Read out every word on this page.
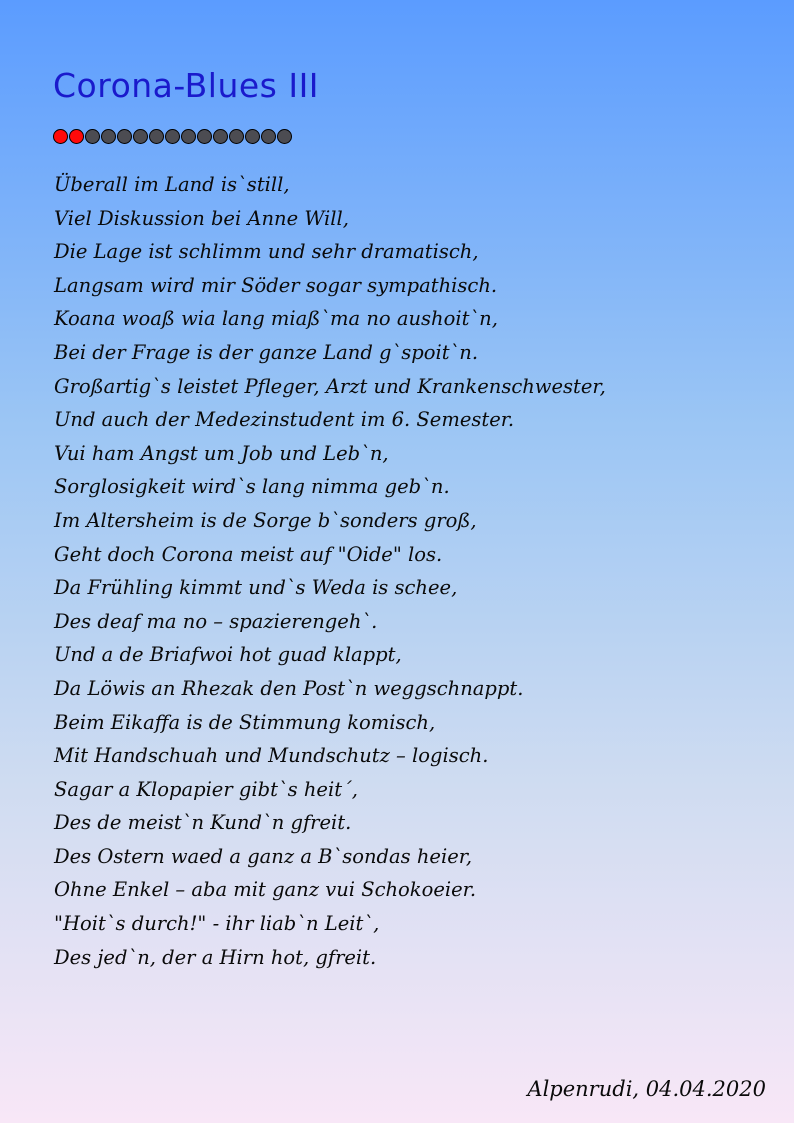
Corona-Blues III

Überall im Land is`still,

Viel Diskussion bei Anne Will,

Die Lage ist schlimm und sehr dramatisch,

Langsam wird mir Söder sogar sympathisch.

Koana woaß wia lang miaß`ma no aushoit`n,

Bei der Frage is der ganze Land g`spoit`n.

Großartig`s leistet Pfleger, Arzt und Krankenschwester,

Und auch der Medezinstudent im 6. Semester.

Vui ham Angst um Job und Leb`n,

Sorglosigkeit wird`s lang nimma geb`n.

Im Altersheim is de Sorge b`sonders groß,

Geht doch Corona meist auf "Oide" los.

Da Frühling kimmt und`s Weda is schee,

Des deaf ma no – spazierengeh`.

Und a de Briafwoi hot guad klappt,

Da Löwis an Rhezak den Post`n weggschnappt.

Beim Eikaffa is de Stimmung komisch,

Mit Handschuah und Mundschutz – logisch.

Sagar a Klopapier gibt`s heit´,

Des de meist`n Kund`n gfreit.

Des Ostern waed a ganz a B`sondas heier,

Ohne Enkel – aba mit ganz vui Schokoeier.

"Hoit`s durch!" - ihr liab`n Leit`,

Des jed`n, der a Hirn hot, gfreit.

Alpenrudi, 04.04.2020
